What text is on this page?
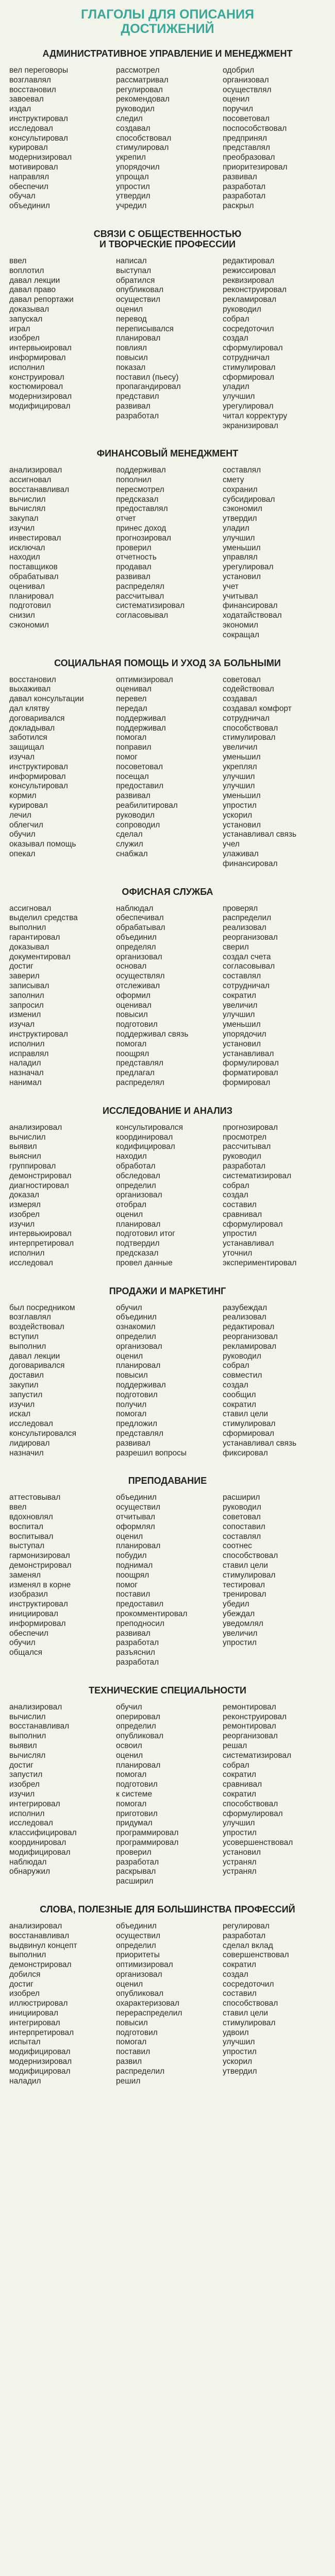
ГЛАГОЛЫ ДЛЯ ОПИСАНИЯ
ДОСТИЖЕНИЙ
АДМИНИСТРАТИВНОЕ УПРАВЛЕНИЕ И МЕНЕДЖМЕНТ
вел переговоры
возглавлял
восстановил
завоевал
издал
инструктировал
исследовал
консультировал
курировал
модернизировал
мотивировал
направлял
обеспечил
обучал
объединил
рассмотрел
рассматривал
регулировал
рекомендовал
руководил
следил
создавал
способствовал
стимулировал
укрепил
упорядочил
упрощал
упростил
утвердил
учредил
одобрил
организовал
осуществлял
оценил
поручил
посоветовал
поспособствовал
предпринял
представлял
преобразовал
приоритезировал
развивал
разработал
разработал
раскрыл
СВЯЗИ С ОБЩЕСТВЕННОСТЬЮ
И ТВОРЧЕСКИЕ ПРОФЕССИИ
ввел
воплотил
давал лекции
давал право
давал репортажи
доказывал
запускал
играл
изобрел
интервьюировал
информировал
исполнил
конструировал
костюмировал
модернизировал
модифицировал
написал
выступал
обратился
опубликовал
осуществил
оценил
перевод
переписывался
планировал
повлиял
повысил
показал
поставил (пьесу)
пропагандировал
представил
развивал
разработал
редактировал
режиссировал
реквизировал
реконструировал
рекламировал
руководил
собрал
сосредоточил
создал
сформулировал
сотрудничал
стимулировал
сформировал
уладил
улучшил
урегулировал
читал корректуру
экранизировал
ФИНАНСОВЫЙ МЕНЕДЖМЕНТ
анализировал
ассигновал
восстанавливал
вычислил
вычислял
закупал
изучил
инвестировал
исключал
находил
поставщиков
обрабатывал
оценивал
планировал
подготовил
снизил
сэкономил
поддерживал
пополнил
пересмотрел
предсказал
предоставлял
отчет
принес доход
прогнозировал
проверил
отчетность
продавал
развивал
распределял
рассчитывал
систематизировал
согласовывал
составлял
смету
сохранил
субсидировал
сэкономил
утвердил
уладил
улучшил
уменьшил
управлял
урегулировал
установил
учет
учитывал
финансировал
ходатайствовал
экономил
сокращал
СОЦИАЛЬНАЯ ПОМОЩЬ И УХОД ЗА БОЛЬНЫМИ
восстановил
выхаживал
давал консультации
дал клятву
договаривался
докладывал
заботился
защищал
изучал
инструктировал
информировал
консультировал
кормил
курировал
лечил
облегчил
обучил
оказывал помощь
опекал
оптимизировал
оценивал
перевел
передал
поддерживал
поддерживал
помогал
поправил
помог
посоветовал
посещал
предоставил
развивал
реабилитировал
руководил
сопроводил
сделал
служил
снабжал
советовал
содействовал
создавал
создавал комфорт
сотрудничал
способствовал
стимулировал
увеличил
уменьшил
укреплял
улучшил
улучшил
уменьшил
упростил
ускорил
установил
устанавливал связь
учел
улаживал
финансировал
ОФИСНАЯ СЛУЖБА
ассигновал
выделил средства
выполнил
гарантировал
доказывал
документировал
достиг
заверил
записывал
заполнил
запросил
изменил
изучал
инструктировал
исполнил
исправлял
наладил
назначал
нанимал
наблюдал
обеспечивал
обрабатывал
объединил
определял
организовал
основал
осуществлял
отслеживал
оформил
оценивал
повысил
подготовил
поддерживал связь
помогал
поощрял
представлял
предлагал
распределял
проверял
распределил
реализовал
реорганизовал
сверил
создал счета
согласовывал
составлял
сотрудничал
сократил
увеличил
улучшил
уменьшил
упорядочил
установил
устанавливал
формулировал
форматировал
формировал
ИССЛЕДОВАНИЕ И АНАЛИЗ
анализировал
вычислил
выявил
выяснил
группировал
демонстрировал
диагностировал
доказал
измерял
изобрел
изучил
интервьюировал
интерпретировал
исполнил
исследовал
консультировался
координировал
кодифицировал
находил
обработал
обследовал
определил
организовал
отобрал
оценил
планировал
подготовил итог
подтвердил
предсказал
провел данные
прогнозировал
просмотрел
рассчитывал
руководил
разработал
систематизировал
собрал
создал
составил
сравнивал
сформулировал
упростил
устанавливал
уточнил
экспериментировал
ПРОДАЖИ И МАРКЕТИНГ
был посредником
возглавлял
воздействовал
вступил
выполнил
давал лекции
договаривался
доставил
закупил
запустил
изучил
искал
исследовал
консультировался
лидировал
назначил
обучил
объединил
ознакомил
определил
организовал
оценил
планировал
повысил
поддерживал
подготовил
получил
помогал
предложил
представлял
развивал
разрешил вопросы
разубеждал
реализовал
редактировал
реорганизовал
рекламировал
руководил
собрал
совместил
создал
сообщил
сократил
ставил цели
стимулировал
сформировал
устанавливал связь
фиксировал
ПРЕПОДАВАНИЕ
аттестовывал
ввел
вдохновлял
воспитал
воспитывал
выступал
гармонизировал
демонстрировал
заменял
изменял в корне
изобразил
инструктировал
инициировал
информировал
обеспечил
обучил
общался
объединил
осуществил
отчитывал
оформлял
оценил
планировал
побудил
поднимал
поощрял
помог
поставил
предоставил
прокомментировал
преподносил
развивал
разработал
разъяснил
разработал
расширил
руководил
советовал
сопоставил
составлял
соотнес
способствовал
ставил цели
стимулировал
тестировал
тренировал
убедил
убеждал
уведомлял
увеличил
упростил
ТЕХНИЧЕСКИЕ СПЕЦИАЛЬНОСТИ
анализировал
вычислил
восстанавливал
выполнил
выявил
вычислял
достиг
запустил
изобрел
изучил
интегрировал
исполнил
исследовал
классифицировал
координировал
модифицировал
наблюдал
обнаружил
обучил
оперировал
определил
опубликовал
освоил
оценил
планировал
помогал
подготовил
к системе
помогал
приготовил
придумал
программировал
программировал
проверил
разработал
раскрывал
расширил
ремонтировал
реконструировал
ремонтировал
реорганизовал
решал
систематизировал
собрал
сократил
сравнивал
сократил
способствовал
сформулировал
улучшил
упростил
усовершенствовал
установил
устранял
устранял
СЛОВА, ПОЛЕЗНЫЕ ДЛЯ БОЛЬШИНСТВА ПРОФЕССИЙ
анализировал
восстанавливал
выдвинул концепт
выполнил
демонстрировал
добился
достиг
изобрел
иллюстрировал
инициировал
интегрировал
интерпретировал
испытал
модифицировал
модернизировал
модифицировал
наладил
объединил
осуществил
определил
приоритеты
оптимизировал
организовал
оценил
опубликовал
охарактеризовал
перераспределил
повысил
подготовил
помогал
поставил
развил
распределил
решил
регулировал
разработал
сделал вклад
совершенствовал
сократил
создал
сосредоточил
составил
способствовал
ставил цели
стимулировал
удвоил
улучшил
упростил
ускорил
утвердил
